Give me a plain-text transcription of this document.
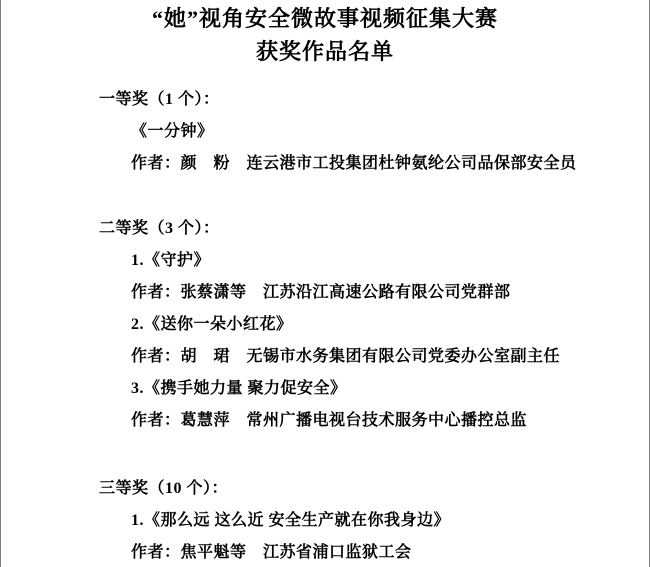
“她”视角安全微故事视频征集大赛
获奖作品名单
一等奖（1 个）：
《一分钟》
作者：颜　粉　连云港市工投集团杜钟氨纶公司品保部安全员
二等奖（3 个）：
1.《守护》
作者：张蔡潇等　江苏沿江高速公路有限公司党群部
2.《送你一朵小红花》
作者：胡　珺　无锡市水务集团有限公司党委办公室副主任
3.《携手她力量 聚力促安全》
作者：葛慧萍　常州广播电视台技术服务中心播控总监
三等奖（10 个）：
1.《那么远 这么近 安全生产就在你我身边》
作者：焦平魁等　江苏省浦口监狱工会
